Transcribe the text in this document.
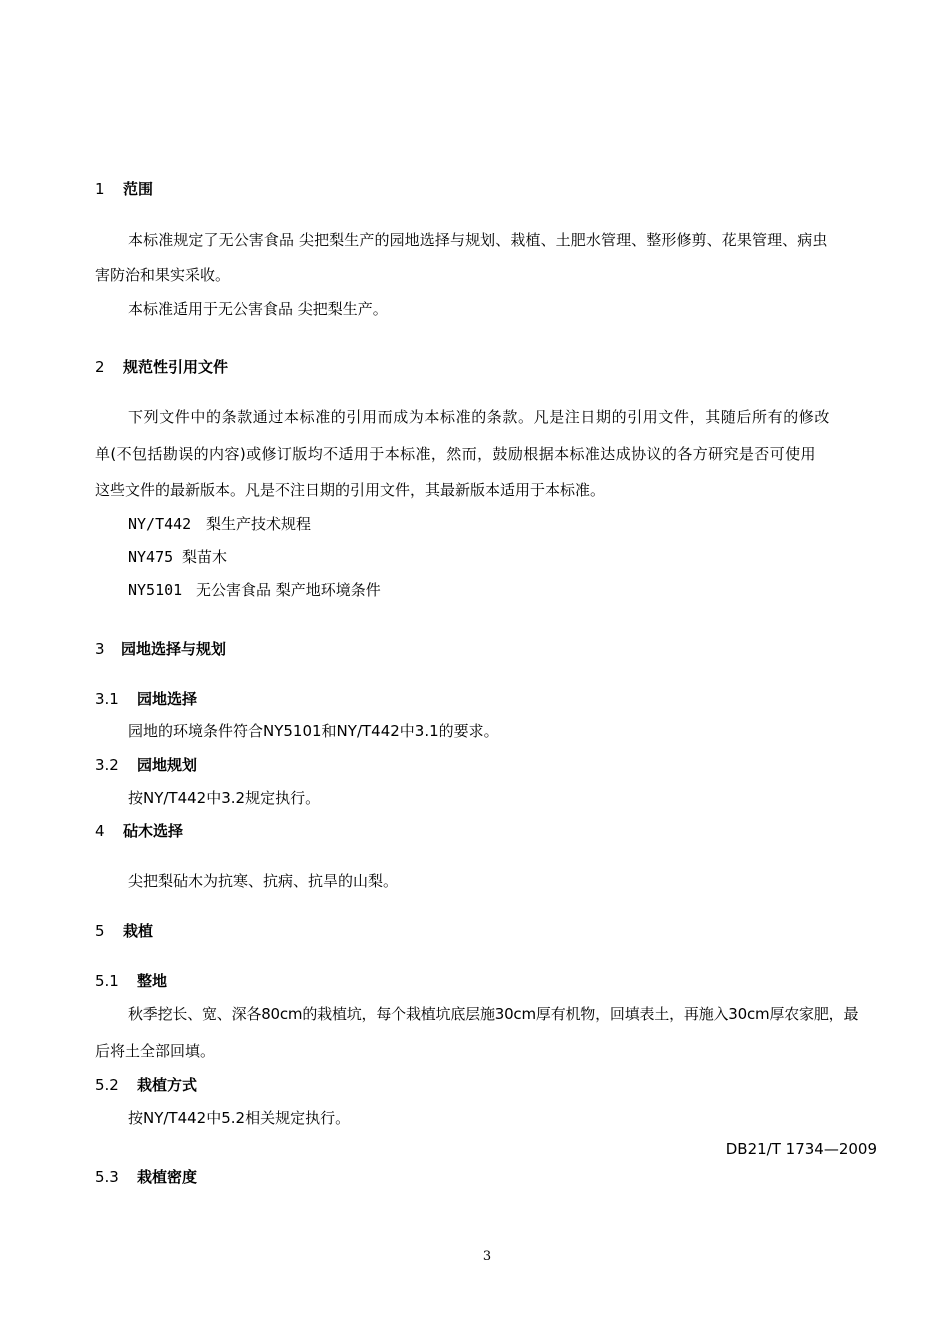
1 范围
本标准规定了无公害食品 尖把梨生产的园地选择与规划、栽植、土肥水管理、整形修剪、花果管理、病虫
害防治和果实采收。
本标准适用于无公害食品 尖把梨生产。
2 规范性引用文件
下列文件中的条款通过本标准的引用而成为本标准的条款。凡是注日期的引用文件，其随后所有的修改
单(不包括勘误的内容)或修订版均不适用于本标准，然而，鼓励根据本标准达成协议的各方研究是否可使用
这些文件的最新版本。凡是不注日期的引用文件，其最新版本适用于本标准。
NY/T442 梨生产技术规程
NY475 梨苗木
NY5101 无公害食品 梨产地环境条件
3 园地选择与规划
3.1 园地选择
园地的环境条件符合NY5101和NY/T442中3.1的要求。
3.2 园地规划
按NY/T442中3.2规定执行。
4 砧木选择
尖把梨砧木为抗寒、抗病、抗旱的山梨。
5 栽植
5.1 整地
秋季挖长、宽、深各80cm的栽植坑，每个栽植坑底层施30cm厚有机物，回填表土，再施入30cm厚农家肥，最
后将土全部回填。
5.2 栽植方式
按NY/T442中5.2相关规定执行。
DB21/T 1734—2009
5.3 栽植密度
3
